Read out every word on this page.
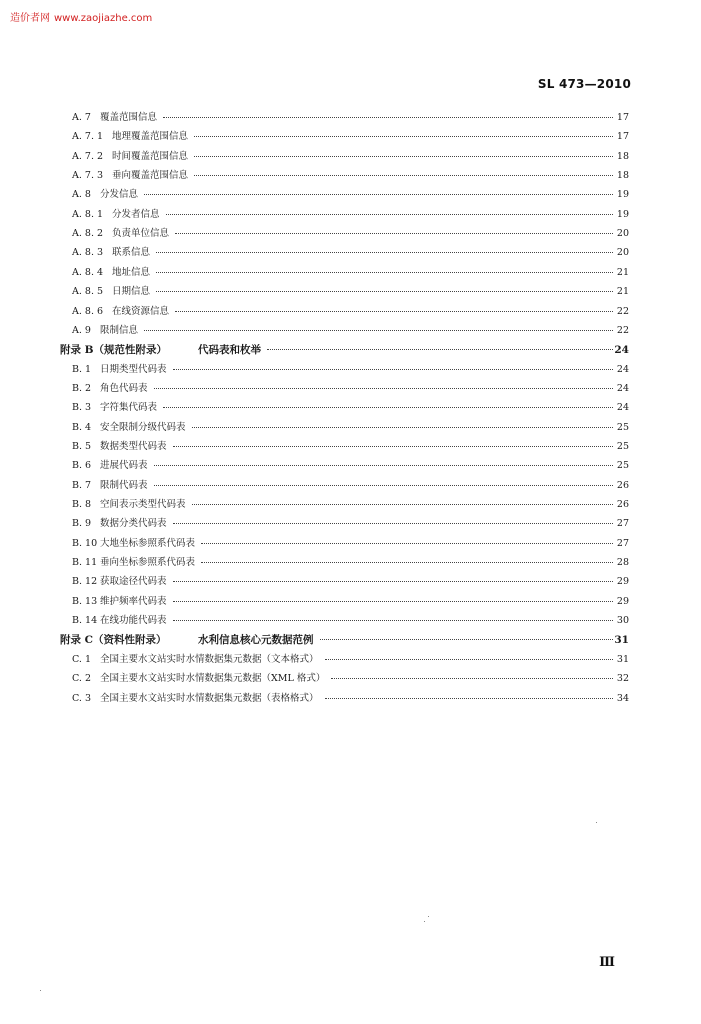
造价者网 www.zaojiazhe.com
SL 473—2010
A. 7 覆盖范围信息	17
A. 7. 1 地理覆盖范围信息	17
A. 7. 2 时间覆盖范围信息	18
A. 7. 3 垂向覆盖范围信息	18
A. 8 分发信息	19
A. 8. 1 分发者信息	19
A. 8. 2 负责单位信息	20
A. 8. 3 联系信息	20
A. 8. 4 地址信息	21
A. 8. 5 日期信息	21
A. 8. 6 在线资源信息	22
A. 9 限制信息	22
附录 B（规范性附录）	代码表和枚举	24
B. 1 日期类型代码表	24
B. 2 角色代码表	24
B. 3 字符集代码表	24
B. 4 安全限制分级代码表	25
B. 5 数据类型代码表	25
B. 6 进展代码表	25
B. 7 限制代码表	26
B. 8 空间表示类型代码表	26
B. 9 数据分类代码表	27
B. 10 大地坐标参照系代码表	27
B. 11 垂向坐标参照系代码表	28
B. 12 获取途径代码表	29
B. 13 维护频率代码表	29
B. 14 在线功能代码表	30
附录 C（资料性附录）	水利信息核心元数据范例	31
C. 1 全国主要水文站实时水情数据集元数据（文本格式）	31
C. 2 全国主要水文站实时水情数据集元数据（XML 格式）	32
C. 3 全国主要水文站实时水情数据集元数据（表格格式）	34
Ⅲ
